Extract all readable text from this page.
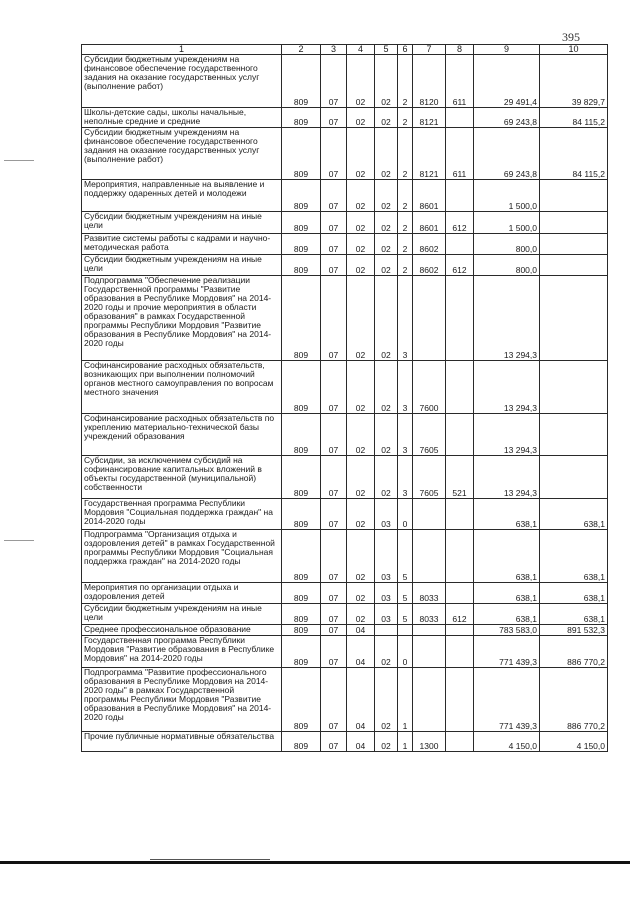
395
1	2	3	4	5	6	7	8	9	10
Субсидии бюджетным учреждениям на финансовое обеспечение государственного задания на оказание государственных услуг (выполнение работ)	809	07	02	02	2	8120	611	29 491,4	39 829,7
Школы-детские сады, школы начальные, неполные средние и средние	809	07	02	02	2	8121		69 243,8	84 115,2
Субсидии бюджетным учреждениям на финансовое обеспечение государственного задания на оказание государственных услуг (выполнение работ)	809	07	02	02	2	8121	611	69 243,8	84 115,2
Мероприятия, направленные на выявление и поддержку одаренных детей и молодежи	809	07	02	02	2	8601		1 500,0	
Субсидии бюджетным учреждениям на иные цели	809	07	02	02	2	8601	612	1 500,0	
Развитие системы работы с кадрами и научно-методическая работа	809	07	02	02	2	8602		800,0	
Субсидии бюджетным учреждениям на иные цели	809	07	02	02	2	8602	612	800,0	
Подпрограмма "Обеспечение реализации Государственной программы "Развитие образования в Республике Мордовия" на 2014-2020 годы и прочие мероприятия в области образования" в рамках Государственной программы Республики Мордовия "Развитие образования в Республике Мордовия" на 2014-2020 годы	809	07	02	02	3			13 294,3	
Софинансирование расходных обязательств, возникающих при выполнении полномочий органов местного самоуправления по вопросам местного значения	809	07	02	02	3	7600		13 294,3	
Софинансирование расходных обязательств по укреплению материально-технической базы учреждений образования	809	07	02	02	3	7605		13 294,3	
Субсидии, за исключением субсидий на софинансирование капитальных вложений в объекты государственной (муниципальной) собственности	809	07	02	02	3	7605	521	13 294,3	
Государственная программа Республики Мордовия "Социальная поддержка граждан" на 2014-2020 годы	809	07	02	03	0			638,1	638,1
Подпрограмма "Организация отдыха и оздоровления детей" в рамках Государственной программы Республики Мордовия "Социальная поддержка граждан" на 2014-2020 годы	809	07	02	03	5			638,1	638,1
Мероприятия по организации отдыха и оздоровления детей	809	07	02	03	5	8033		638,1	638,1
Субсидии бюджетным учреждениям на иные цели	809	07	02	03	5	8033	612	638,1	638,1
Среднее профессиональное образование	809	07	04					783 583,0	891 532,3
Государственная программа Республики Мордовия "Развитие образования в Республике Мордовия" на 2014-2020 годы	809	07	04	02	0			771 439,3	886 770,2
Подпрограмма "Развитие профессионального образования в Республике Мордовия на 2014-2020 годы" в рамках Государственной программы Республики Мордовия "Развитие образования в Республике Мордовия" на 2014-2020 годы	809	07	04	02	1			771 439,3	886 770,2
Прочие публичные нормативные обязательства	809	07	04	02	1	1300		4 150,0	4 150,0
